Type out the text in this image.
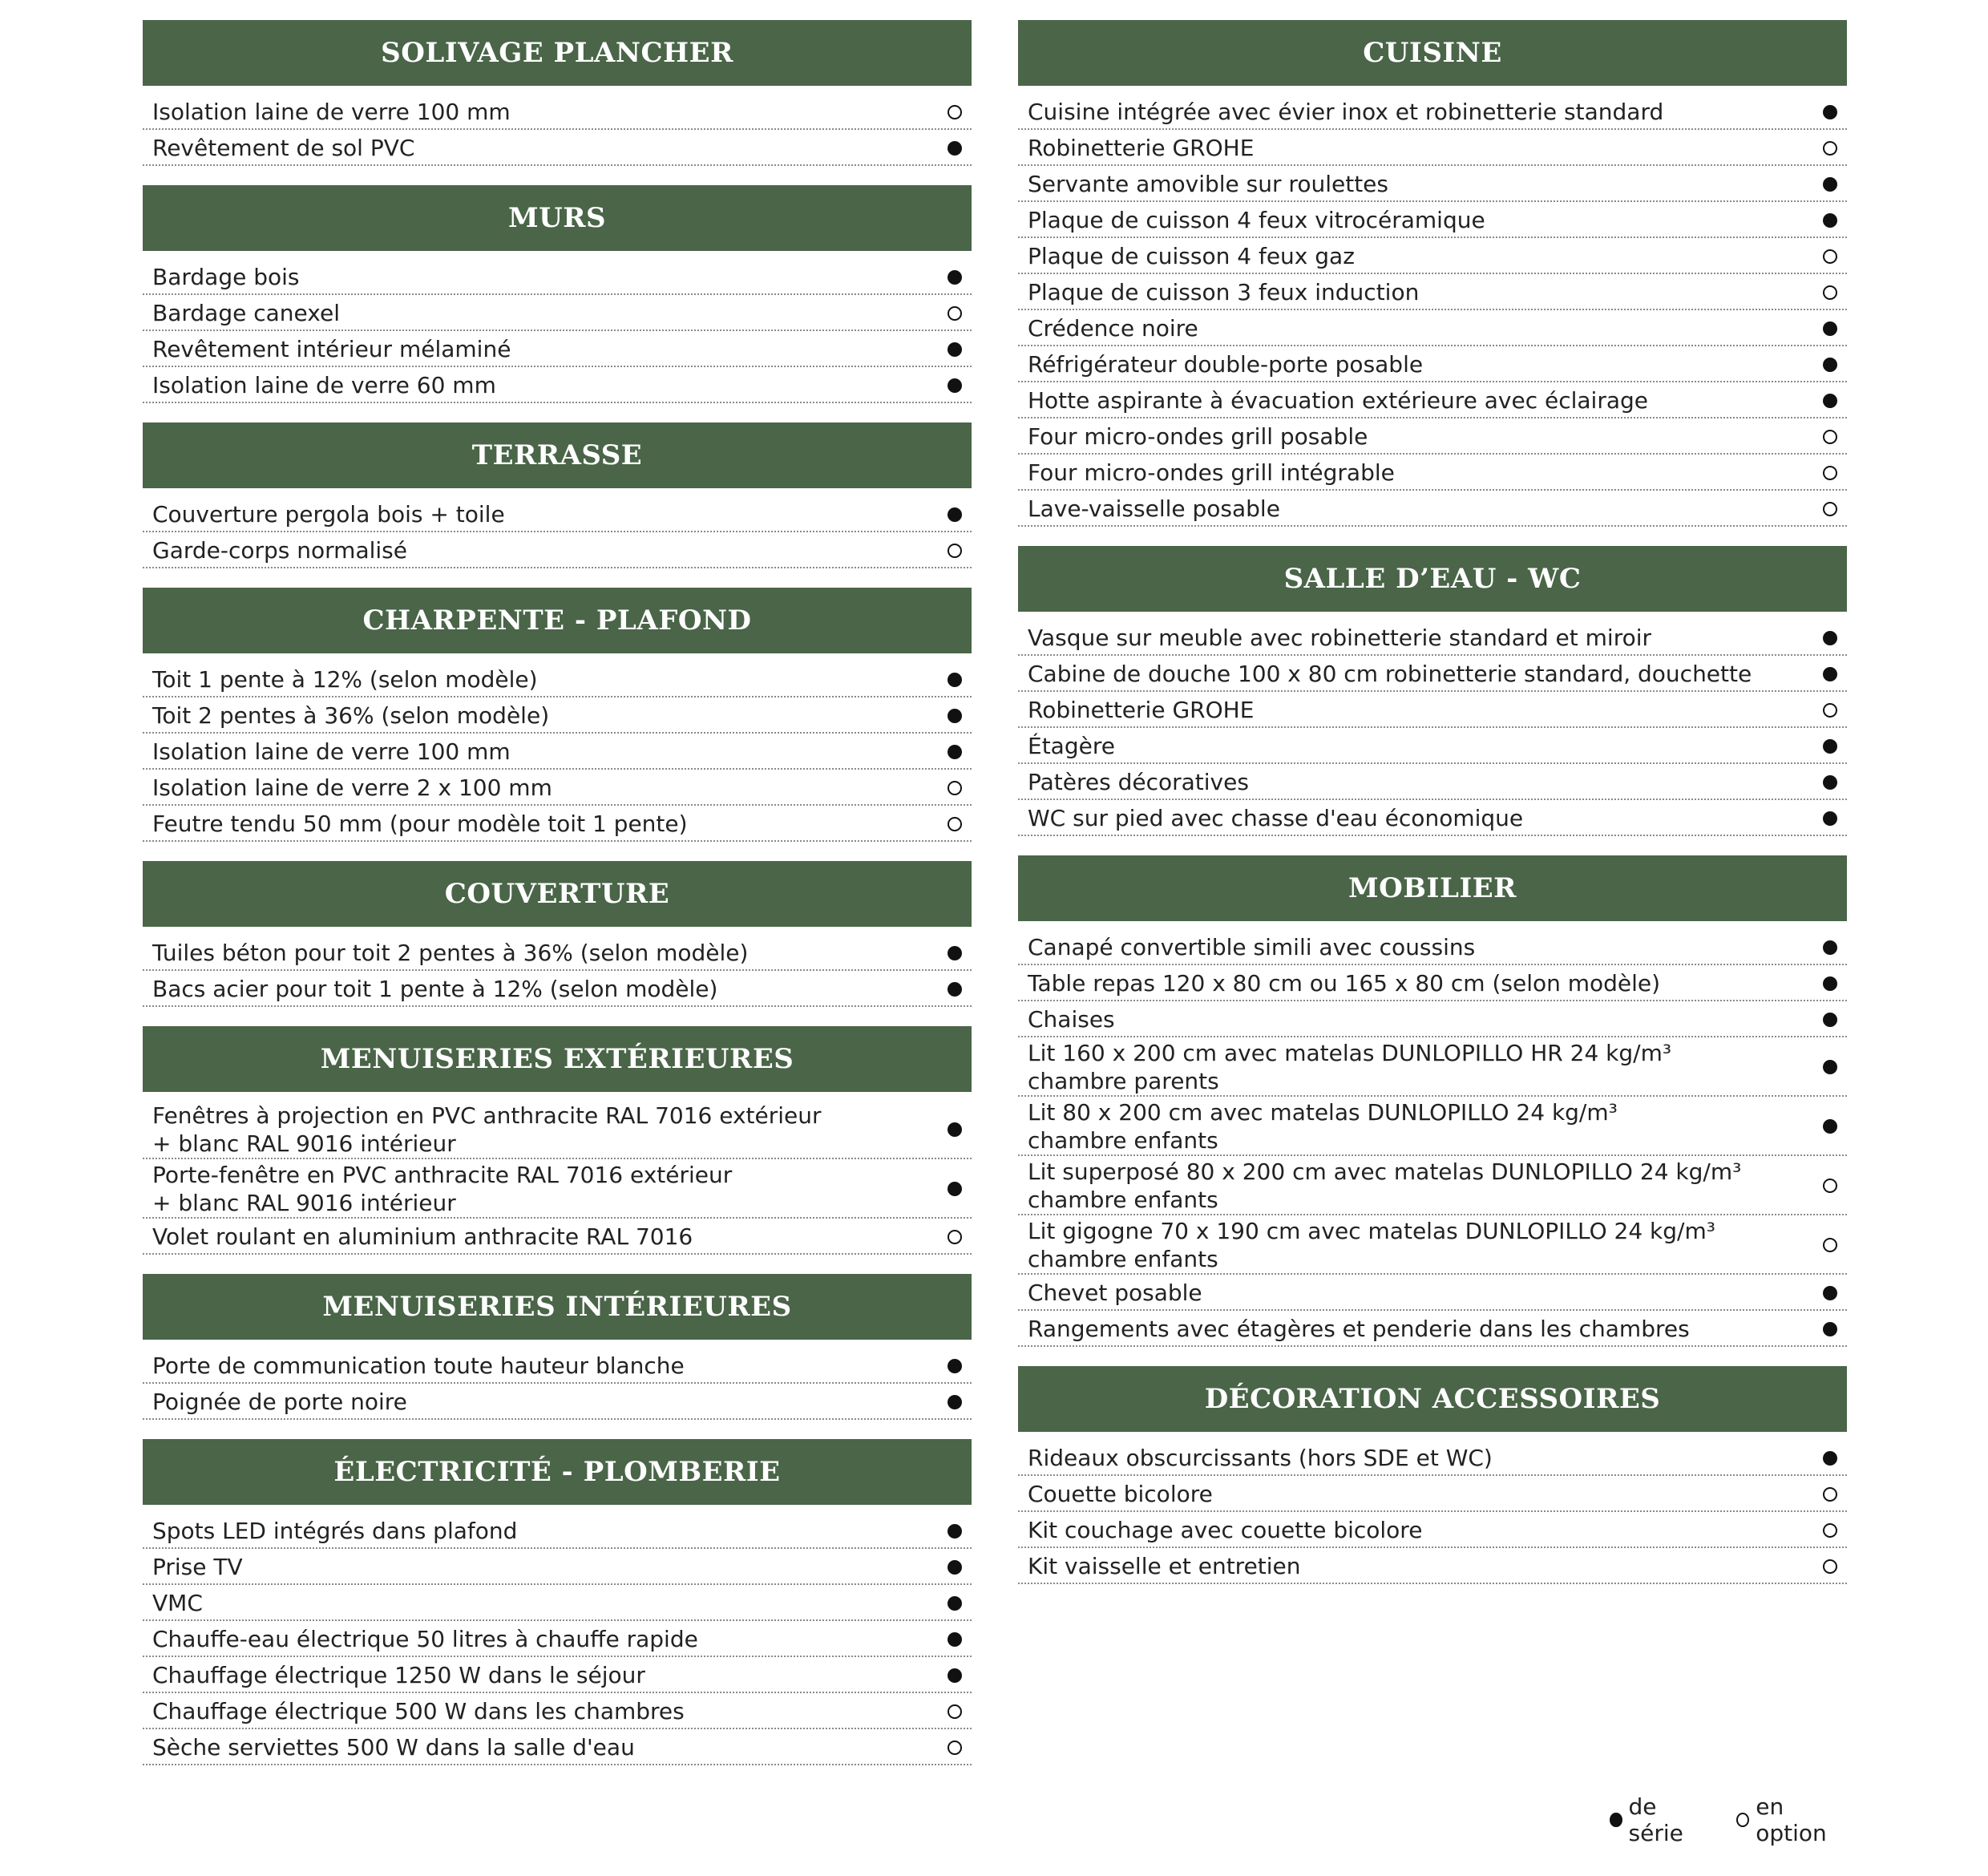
SOLIVAGE PLANCHER
Isolation laine de verre 100 mm
Revêtement de sol PVC
MURS
Bardage bois
Bardage canexel
Revêtement intérieur mélaminé
Isolation laine de verre 60 mm
TERRASSE
Couverture pergola bois + toile
Garde-corps normalisé
CHARPENTE - PLAFOND
Toit 1 pente à 12% (selon modèle)
Toit 2 pentes à 36% (selon modèle)
Isolation laine de verre 100 mm
Isolation laine de verre 2 x 100 mm
Feutre tendu 50 mm (pour modèle toit 1 pente)
COUVERTURE
Tuiles béton pour toit 2 pentes à 36% (selon modèle)
Bacs acier pour toit 1 pente à 12% (selon modèle)
MENUISERIES EXTÉRIEURES
Fenêtres à projection en PVC anthracite RAL 7016 extérieur
+ blanc RAL 9016 intérieur
Porte-fenêtre en PVC anthracite RAL 7016 extérieur
+ blanc RAL 9016 intérieur
Volet roulant en aluminium anthracite RAL 7016
MENUISERIES INTÉRIEURES
Porte de communication toute hauteur blanche
Poignée de porte noire
ÉLECTRICITÉ - PLOMBERIE
Spots LED intégrés dans plafond
Prise TV
VMC
Chauffe-eau électrique 50 litres à chauffe rapide
Chauffage électrique 1250 W dans le séjour
Chauffage électrique 500 W dans les chambres
Sèche serviettes 500 W dans la salle d'eau
CUISINE
Cuisine intégrée avec évier inox et robinetterie standard
Robinetterie GROHE
Servante amovible sur roulettes
Plaque de cuisson 4 feux vitrocéramique
Plaque de cuisson 4 feux gaz
Plaque de cuisson 3 feux induction
Crédence noire
Réfrigérateur double-porte posable
Hotte aspirante à évacuation extérieure avec éclairage
Four micro-ondes grill posable
Four micro-ondes grill intégrable
Lave-vaisselle posable
SALLE D’EAU - WC
Vasque sur meuble avec robinetterie standard et miroir
Cabine de douche 100 x 80 cm robinetterie standard, douchette
Robinetterie GROHE
Étagère
Patères décoratives
WC sur pied avec chasse d'eau économique
MOBILIER
Canapé convertible simili avec coussins
Table repas 120 x 80 cm ou 165 x 80 cm (selon modèle)
Chaises
Lit 160 x 200 cm avec matelas DUNLOPILLO HR 24 kg/m³
chambre parents
Lit 80 x 200 cm avec matelas DUNLOPILLO 24 kg/m³
chambre enfants
Lit superposé 80 x 200 cm avec matelas DUNLOPILLO 24 kg/m³
chambre enfants
Lit gigogne 70 x 190 cm avec matelas DUNLOPILLO 24 kg/m³
chambre enfants
Chevet posable
Rangements avec étagères et penderie dans les chambres
DÉCORATION ACCESSOIRES
Rideaux obscurcissants (hors SDE et WC)
Couette bicolore
Kit couchage avec couette bicolore
Kit vaisselle et entretien
de série
en option
